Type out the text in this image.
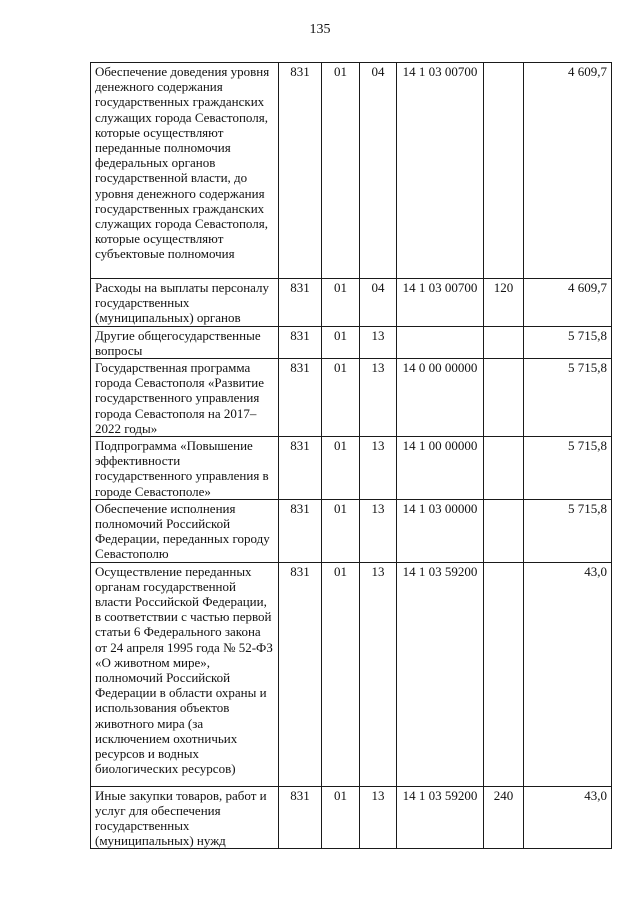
135
Обеспечение доведения уровня денежного содержания государственных гражданских служащих города Севастополя, которые осуществляют переданные полномочия федеральных органов государственной власти, до уровня денежного содержания государственных гражданских служащих города Севастополя, которые осуществляют субъектовые полномочия	831	01	04	14 1 03 00700		4 609,7
Расходы на выплаты персоналу государственных (муниципальных) органов	831	01	04	14 1 03 00700	120	4 609,7
Другие общегосударственные вопросы	831	01	13			5 715,8
Государственная программа города Севастополя «Развитие государственного управления города Севастополя на 2017–2022 годы»	831	01	13	14 0 00 00000		5 715,8
Подпрограмма «Повышение эффективности государственного управления в городе Севастополе»	831	01	13	14 1 00 00000		5 715,8
Обеспечение исполнения полномочий Российской Федерации, переданных городу Севастополю	831	01	13	14 1 03 00000		5 715,8
Осуществление переданных органам государственной власти Российской Федерации, в соответствии с частью первой статьи 6 Федерального закона от 24 апреля 1995 года № 52-ФЗ «О животном мире», полномочий Российской Федерации в области охраны и использования объектов животного мира (за исключением охотничьих ресурсов и водных биологических ресурсов)	831	01	13	14 1 03 59200		43,0
Иные закупки товаров, работ и услуг для обеспечения государственных (муниципальных) нужд	831	01	13	14 1 03 59200	240	43,0
